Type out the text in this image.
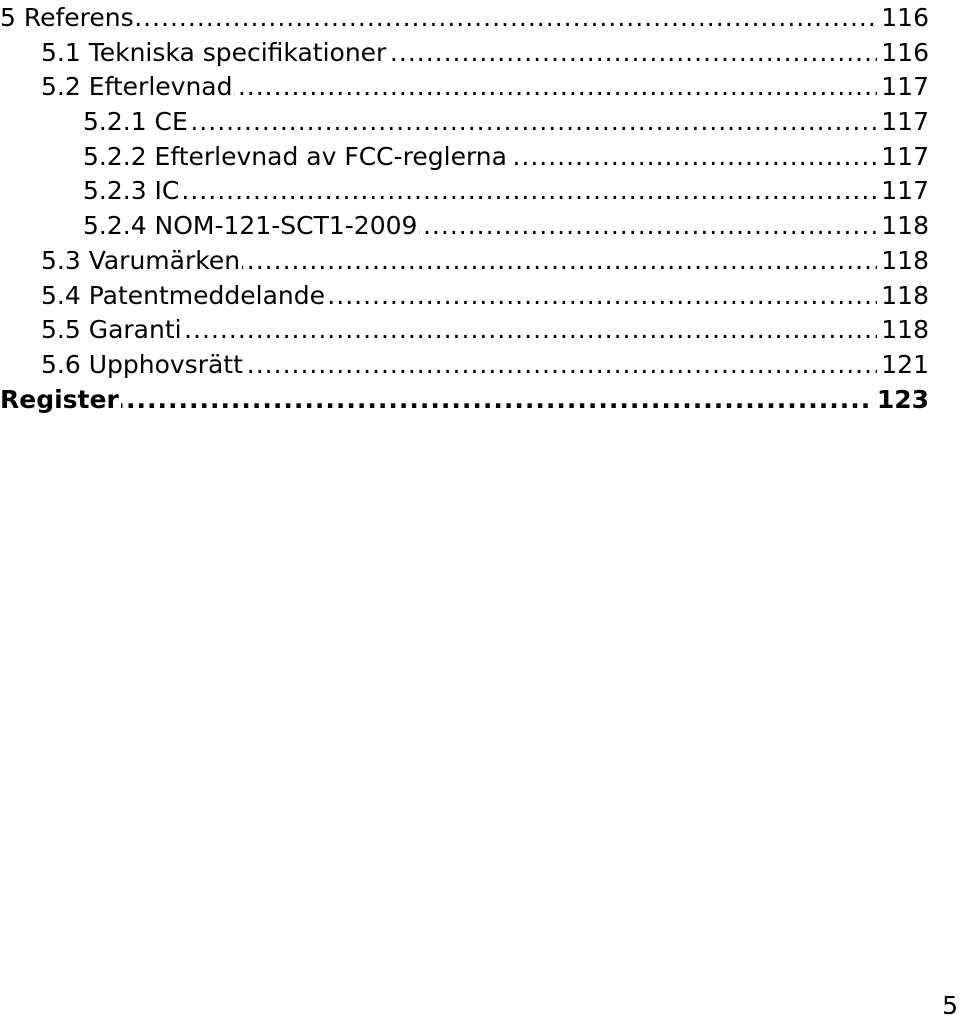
5 Referens .....	116
5.1 Tekniska specifikationer .....	116
5.2 Efterlevnad .....	117
5.2.1 CE .....	117
5.2.2 Efterlevnad av FCC-reglerna .....	117
5.2.3 IC .....	117
5.2.4 NOM-121-SCT1-2009 .....	118
5.3 Varumärken .....	118
5.4 Patentmeddelande .....	118
5.5 Garanti .....	118
5.6 Upphovsrätt .....	121
Register .....	123
5
